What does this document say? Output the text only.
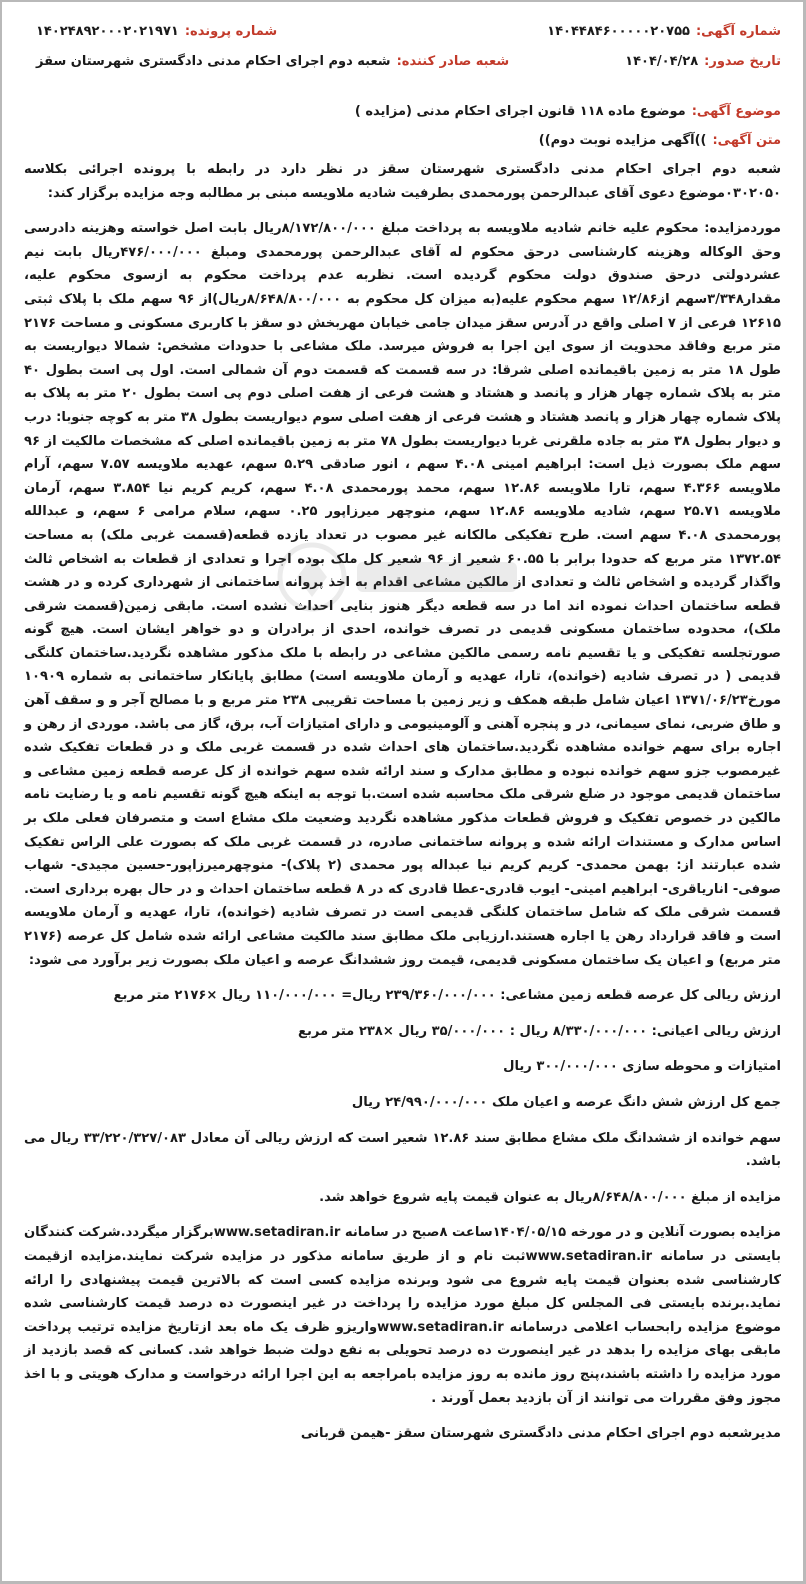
شماره آگهی:
۱۴۰۴۴۸۴۶۰۰۰۰۰۲۰۷۵۵
شماره پرونده:
۱۴۰۲۴۸۹۲۰۰۰۲۰۲۱۹۷۱
تاریخ صدور:
۱۴۰۴/۰۴/۲۸
شعبه صادر کننده:
شعبه دوم اجرای احکام مدنی دادگستری شهرستان سقز
موضوع آگهی:
موضوع ماده ۱۱۸ قانون اجرای احکام مدنی (مزایده )
متن آگهی:
))آگهی مزایده نوبت دوم))

شعبه دوم اجرای احکام مدنی دادگستری شهرستان سقز در نظر دارد در رابطه با پرونده اجرائی بکلاسه ۰۳۰۲۰۵۰موضوع دعوی آقای عبدالرحمن پورمحمدی بطرفیت شادیه ملاویسه مبنی بر مطالبه وجه مزایده برگزار کند:

موردمزایده: محکوم علیه خانم شادیه ملاویسه به پرداخت مبلغ ۸/۱۷۲/۸۰۰/۰۰۰ریال بابت اصل خواسته وهزینه دادرسی وحق الوکاله وهزینه کارشناسی درحق محکوم له آقای عبدالرحمن پورمحمدی ومبلغ ۴۷۶/۰۰۰/۰۰۰ریال بابت نیم عشردولتی درحق صندوق دولت محکوم گردیده است. نظربه عدم پرداخت محکوم به ازسوی محکوم علیه، مقدار۳/۳۴۸سهم از۱۲/۸۶ سهم محکوم علیه(به میزان کل محکوم به ۸/۶۴۸/۸۰۰/۰۰۰ریال)از ۹۶ سهم ملک با پلاک ثبتی ۱۲۶۱۵ فرعی از ۷ اصلی واقع در آدرس سقز میدان جامی خیابان مهربخش دو سقز با کاربری مسکونی و مساحت ۲۱۷۶ متر مربع وفاقد محدویت از سوی این اجرا به فروش میرسد. ملک مشاعی با حدودات مشخص: شمالا دیواریست به طول ۱۸ متر به زمین باقیمانده اصلی شرقا: در سه قسمت که قسمت دوم آن شمالی است. اول پی است بطول ۴۰ متر به پلاک شماره چهار هزار و پانصد و هشتاد و هشت فرعی از هفت اصلی دوم پی است بطول ۲۰ متر به پلاک به پلاک شماره چهار هزار و پانصد هشتاد و هشت فرعی از هفت اصلی سوم دیواریست بطول ۳۸ متر به کوچه جنوبا: درب و دیوار بطول ۳۸ متر به جاده ملقرنی غربا دیواریست بطول ۷۸ متر به زمین باقیمانده اصلی که مشخصات مالکیت از ۹۶ سهم ملک بصورت ذیل است: ابراهیم امینی ۴.۰۸ سهم ، انور صادقی ۵.۲۹ سهم، عهدیه ملاویسه ۷.۵۷ سهم، آرام ملاویسه ۴.۳۶۶ سهم، تارا ملاویسه ۱۲.۸۶ سهم، محمد پورمحمدی ۴.۰۸ سهم، کریم کریم نیا ۳.۸۵۴ سهم، آرمان ملاویسه ۲۵.۷۱ سهم، شادیه ملاویسه ۱۲.۸۶ سهم، منوچهر میرزاپور ۰.۲۵ سهم، سلام مرامی ۶ سهم، و عبدالله پورمحمدی ۴.۰۸ سهم است. طرح تفکیکی مالکانه غیر مصوب در تعداد یازده قطعه(قسمت غربی ملک) به مساحت ۱۳۷۲.۵۴ متر مربع که حدودا برابر با ۶۰.۵۵ شعیر از ۹۶ شعیر کل ملک بوده اجرا و تعدادی از قطعات به اشخاص ثالث واگذار گردیده و اشخاص ثالث و تعدادی از مالکین مشاعی اقدام به اخذ پروانه ساختمانی از شهرداری کرده و در هشت قطعه ساختمان احداث نموده اند اما در سه قطعه دیگر هنوز بنایی احداث نشده است. مابقی زمین(قسمت شرقی ملک)، محدوده ساختمان مسکونی قدیمی در تصرف خوانده، احدی از برادران و دو خواهر ایشان است. هیچ گونه صورتجلسه تفکیکی و یا تقسیم نامه رسمی مالکین مشاعی در رابطه با ملک مذکور مشاهده نگردید.ساختمان کلنگی قدیمی ( در تصرف شادیه (خوانده)، تارا، عهدیه و آرمان ملاویسه است) مطابق پایانکار ساختمانی به شماره ۱۰۹۰۹ مورخ۱۳۷۱/۰۶/۲۳ اعیان شامل طبقه همکف و زیر زمین با مساحت تقریبی ۲۳۸ متر مربع و با مصالح آجر و و سقف آهن و طاق ضربی، نمای سیمانی، در و پنجره آهنی و آلومینیومی و دارای امتیازات آب، برق، گاز می باشد. موردی از رهن و اجاره برای سهم خوانده مشاهده نگردید.ساختمان های احداث شده در قسمت غربی ملک و در قطعات تفکیک شده غیرمصوب جزو سهم خوانده نبوده و مطابق مدارک و سند ارائه شده سهم خوانده از کل عرصه قطعه زمین مشاعی و ساختمان قدیمی موجود در ضلع شرقی ملک محاسبه شده است.با توجه به اینکه هیچ گونه تقسیم نامه و یا رضایت نامه مالکین در خصوص تفکیک و فروش قطعات مذکور مشاهده نگردید وضعیت ملک مشاع است و متصرفان فعلی ملک بر اساس مدارک و مستندات ارائه شده و پروانه ساختمانی صادره، در قسمت غربی ملک که بصورت علی الراس تفکیک شده عبارتند از: بهمن محمدی- کریم کریم نیا عبداله پور محمدی (۲ پلاک)- منوچهرمیرزاپور-حسین مجیدی- شهاب صوفی- اناریاقری- ابراهیم امینی- ایوب قادری-عطا قادری که در ۸ قطعه ساختمان احداث و در حال بهره برداری است. قسمت شرقی ملک که شامل ساختمان کلنگی قدیمی است در تصرف شادیه (خوانده)، تارا، عهدیه و آرمان ملاویسه است و فاقد قرارداد رهن یا اجاره هستند.ارزیابی ملک مطابق سند مالکیت مشاعی ارائه شده شامل کل عرصه (۲۱۷۶ متر مربع) و اعیان یک ساختمان مسکونی قدیمی، قیمت روز ششدانگ عرصه و اعیان ملک بصورت زیر برآورد می شود:

ارزش ریالی کل عرصه قطعه زمین مشاعی: ۲۳۹/۳۶۰/۰۰۰/۰۰۰ ریال= ۱۱۰/۰۰۰/۰۰۰ ریال ×۲۱۷۶ متر مربع

ارزش ریالی اعیانی: ۸/۳۳۰/۰۰۰/۰۰۰ ریال : ۳۵/۰۰۰/۰۰۰ ریال ×۲۳۸ متر مربع

امتیازات و محوطه سازی ۳۰۰/۰۰۰/۰۰۰ ریال

جمع کل ارزش شش دانگ عرصه و اعیان ملک ۲۴/۹۹۰/۰۰۰/۰۰۰ ریال

سهم خوانده از ششدانگ ملک مشاع مطابق سند ۱۲.۸۶ شعیر است که ارزش ریالی آن معادل ۳۳/۲۲۰/۳۲۷/۰۸۳ ریال می باشد.

مزایده از مبلغ ۸/۶۴۸/۸۰۰/۰۰۰ریال به عنوان قیمت پایه شروع خواهد شد.

مزایده بصورت آنلاین و در مورخه ۱۴۰۴/۰۵/۱۵ساعت ۸صبح در سامانه www.setadiran.irبرگزار میگردد.شرکت کنندگان بایستی در سامانه www.setadiran.irثبت نام و از طریق سامانه مذکور در مزایده شرکت نمایند.مزایده ازقیمت کارشناسی شده بعنوان قیمت پایه شروع می شود وبرنده مزایده کسی است که بالاترین قیمت پیشنهادی را ارائه نماید.برنده بایستی فی المجلس کل مبلغ مورد مزایده را پرداخت در غیر اینصورت ده درصد قیمت کارشناسی شده موضوع مزایده رابحساب اعلامی درسامانه www.setadiran.irواریزو ظرف یک ماه بعد ازتاریخ مزایده ترتیب پرداخت مابقی بهای مزایده را بدهد در غیر اینصورت ده درصد تحویلی به نفع دولت ضبط خواهد شد. کسانی که قصد بازدید از مورد مزایده را داشته باشند،پنج روز مانده به روز مزایده بامراجعه به این اجرا ارائه درخواست و مدارک هویتی و با اخذ مجوز وفق مقررات می توانند از آن بازدید بعمل آورند .

مدیرشعبه دوم اجرای احکام مدنی دادگستری شهرستان سقز -هیمن قربانی
